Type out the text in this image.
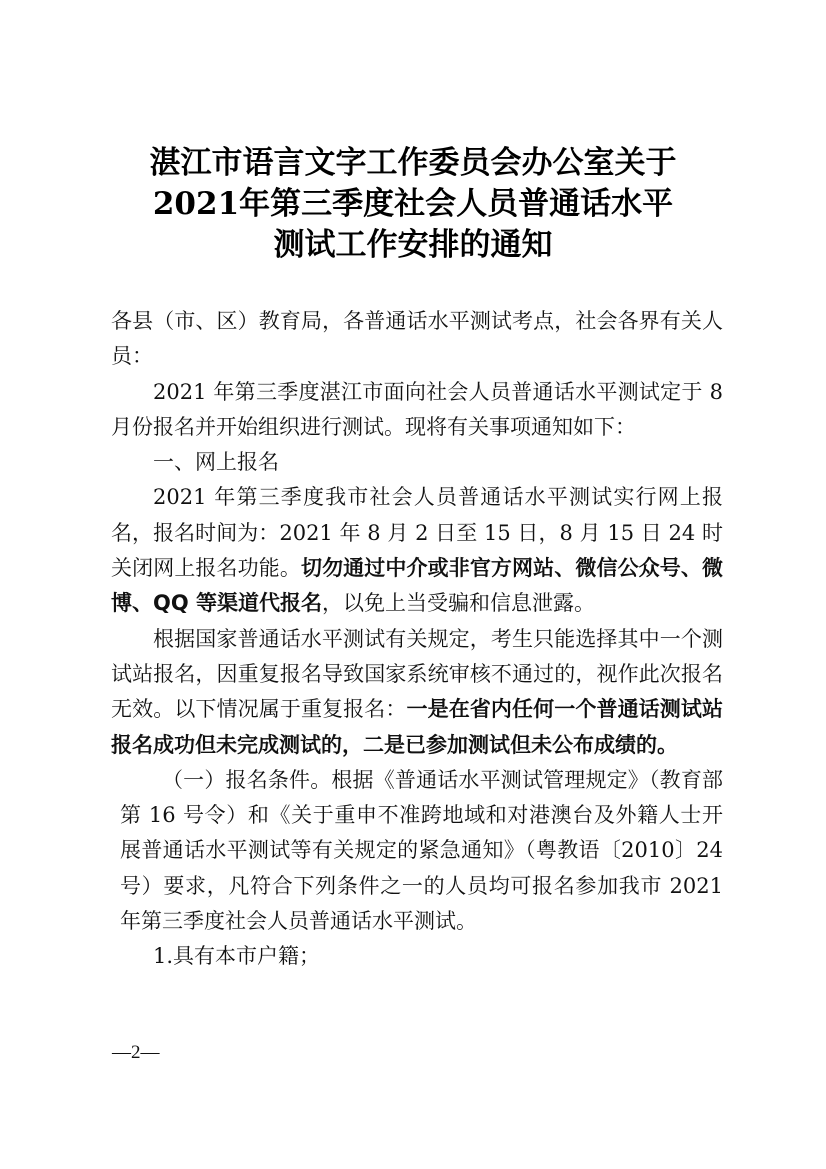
湛江市语言文字工作委员会办公室关于
2021年第三季度社会人员普通话水平
测试工作安排的通知

各县（市、区）教育局，各普通话水平测试考点，社会各界有关人员：

2021 年第三季度湛江市面向社会人员普通话水平测试定于 8 月份报名并开始组织进行测试。现将有关事项通知如下：

一、网上报名

2021 年第三季度我市社会人员普通话水平测试实行网上报名，报名时间为：2021 年 8 月 2 日至 15 日，8 月 15 日 24 时关闭网上报名功能。切勿通过中介或非官方网站、微信公众号、微博、QQ 等渠道代报名，以免上当受骗和信息泄露。

根据国家普通话水平测试有关规定，考生只能选择其中一个测试站报名，因重复报名导致国家系统审核不通过的，视作此次报名无效。以下情况属于重复报名：一是在省内任何一个普通话测试站报名成功但未完成测试的，二是已参加测试但未公布成绩的。

（一）报名条件。根据《普通话水平测试管理规定》（教育部第 16 号令）和《关于重申不准跨地域和对港澳台及外籍人士开展普通话水平测试等有关规定的紧急通知》（粤教语〔2010〕24 号）要求，凡符合下列条件之一的人员均可报名参加我市 2021 年第三季度社会人员普通话水平测试。

1.具有本市户籍；

—2—
